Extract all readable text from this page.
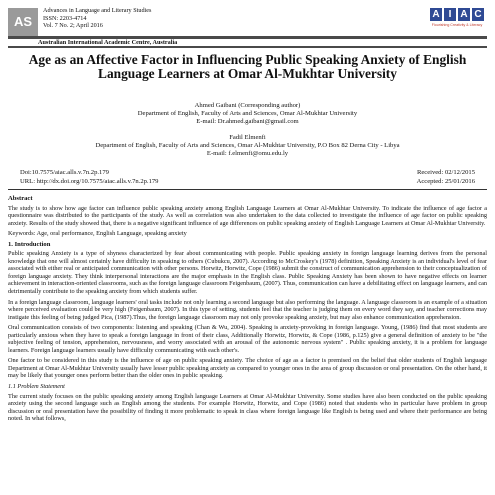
AS
Advances in Language and Literary Studies
ISSN: 2203-4714
Vol. 7 No. 2; April 2016
A I A C
Flourishing Creativity & Literacy
Australian International Academic Centre, Australia
Age as an Affective Factor in Influencing Public Speaking Anxiety of English Language Learners at Omar Al-Mukhtar University
Ahmed Gaibani (Corresponding author)
Department of English, Faculty of Arts and Sciences, Omar Al-Mukhtar University
E-mail: Dr.ahmed.gaibani@gmail.com
Fadil Elmenfi
Department of English, Faculty of Arts and Sciences, Omar Al-Mukhtar University, P.O Box 82 Derna City - Libya
E-mail: f.elmenfi@omu.edu.ly
Doi:10.7575/aiac.alls.v.7n.2p.179	Received: 02/12/2015
URL: http://dx.doi.org/10.7575/aiac.alls.v.7n.2p.179	Accepted: 25/01/2016
Abstract

The study is to show how age factor can influence public speaking anxiety among English Language Learners at Omar Al-Mukhtar University. To indicate the influence of age factor a questionnaire was distributed to the participants of the study. As well as correlation was also undertaken to the data collected to investigate the influence of age factor on public speaking anxiety. Results of the study showed that, there is a negative significant influence of age differences on public speaking anxiety of English Language Learners at Omar Al-Mukhtar University.

Keywords: Age, oral performance, English Language, speaking anxiety
1. Introduction

Public speaking Anxiety is a type of shyness characterized by fear about communicating with people. Public speaking anxiety in foreign language learning derives from the personal knowledge that one will almost certainly have difficulty in speaking to others (Cubukcu, 2007). According to McCroskey's (1978) definition, Speaking Anxiety is an individual's level of fear associated with either real or anticipated communication with other persons. Horwitz, Horwitz, Cope (1986) submit the construct of communication apprehension to their conceptualization of foreign language anxiety. They think interpersonal interactions are the major emphasis in the English class. Public Speaking Anxiety has been shown to have negative effects on learner achievement in interaction-oriented classrooms, such as the foreign language classroom Feigenbaum, (2007). Thus, communication can have a debilitating effect on language learners, and can detrimentally contribute to the speaking anxiety from which students suffer.

In a foreign language classroom, language learners' oral tasks include not only learning a second language but also performing the language. A language classroom is an example of a situation where perceived evaluation could be very high (Feigenbaum, 2007). In this type of setting, students feel that the teacher is judging them on every word they say, and teacher corrections may instigate this feeling of being judged Pica, (1987).Thus, the foreign language classroom may not only provoke speaking anxiety, but may also enhance communication apprehension.

Oral communication consists of two components: listening and speaking (Chan & Wu, 2004). Speaking is anxiety-provoking in foreign language. Young, (1986) find that most students are particularly anxious when they have to speak a foreign language in front of their class, Additionally Horwitz, Horwitz, & Cope (1986, p.125) give a general definition of anxiety to be "the subjective feeling of tension, apprehension, nervousness, and worry associated with an arousal of the autonomic nervous system" . Public speaking anxiety, it is a problem for language learners. Foreign language learners usually have difficulty communicating with each other's.

One factor to be considered in this study is the influence of age on public speaking anxiety. The choice of age as a factor is premised on the belief that older students of English language Department at Omar Al-Mukhtar University usually have lesser public speaking anxiety as compared to younger ones in the area of group discussion or oral presentation. On the other hand, it may be likely that younger ones perform better than the older ones in public speaking.

1.1 Problem Statement

The current study focuses on the public speaking anxiety among English language Learners at Omar Al-Mukhtar University. Some studies have also been conducted on the public speaking anxiety using the second language such as English among the students. For example Horwitz, Horwitz, and Cope (1986) noted that students who in particular have problem in group discussion or oral presentation have the possibility of finding it more problematic to speak in class where foreign language like English is being used and where their performance are being noted. In what follows,
